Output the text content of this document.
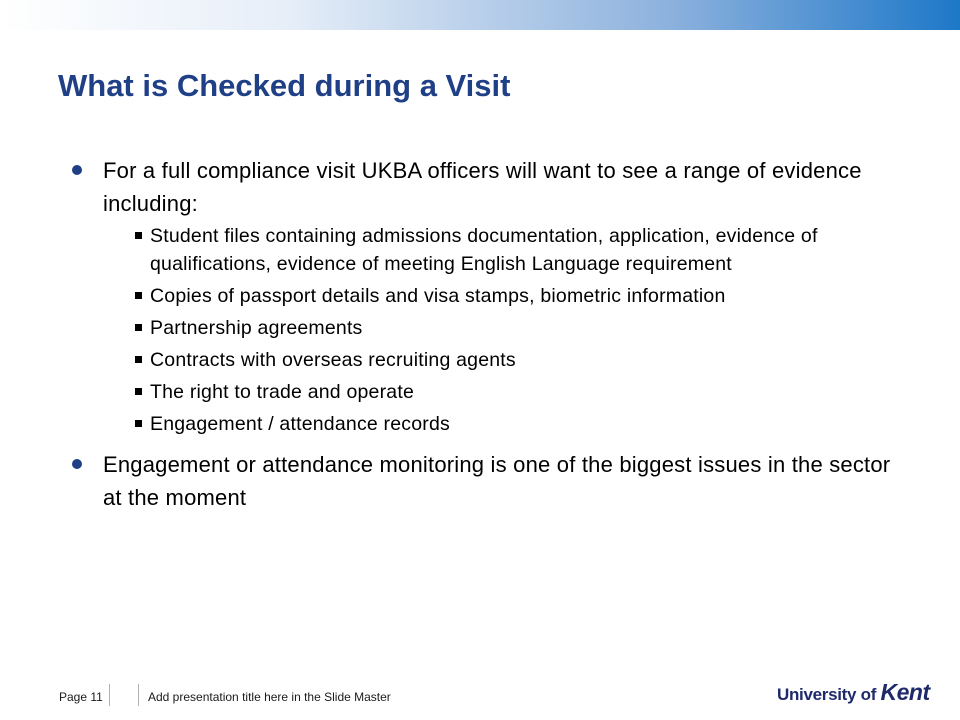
What is Checked during a Visit
For a full compliance visit UKBA officers will want to see a range of evidence including:
Student files containing admissions documentation, application, evidence of qualifications, evidence of meeting English Language requirement
Copies of passport details and visa stamps, biometric information
Partnership agreements
Contracts with overseas recruiting agents
The right to trade and operate
Engagement / attendance records
Engagement or attendance monitoring is one of the biggest issues in the sector at the moment
Page 11	Add presentation title here in the Slide Master	University of Kent
